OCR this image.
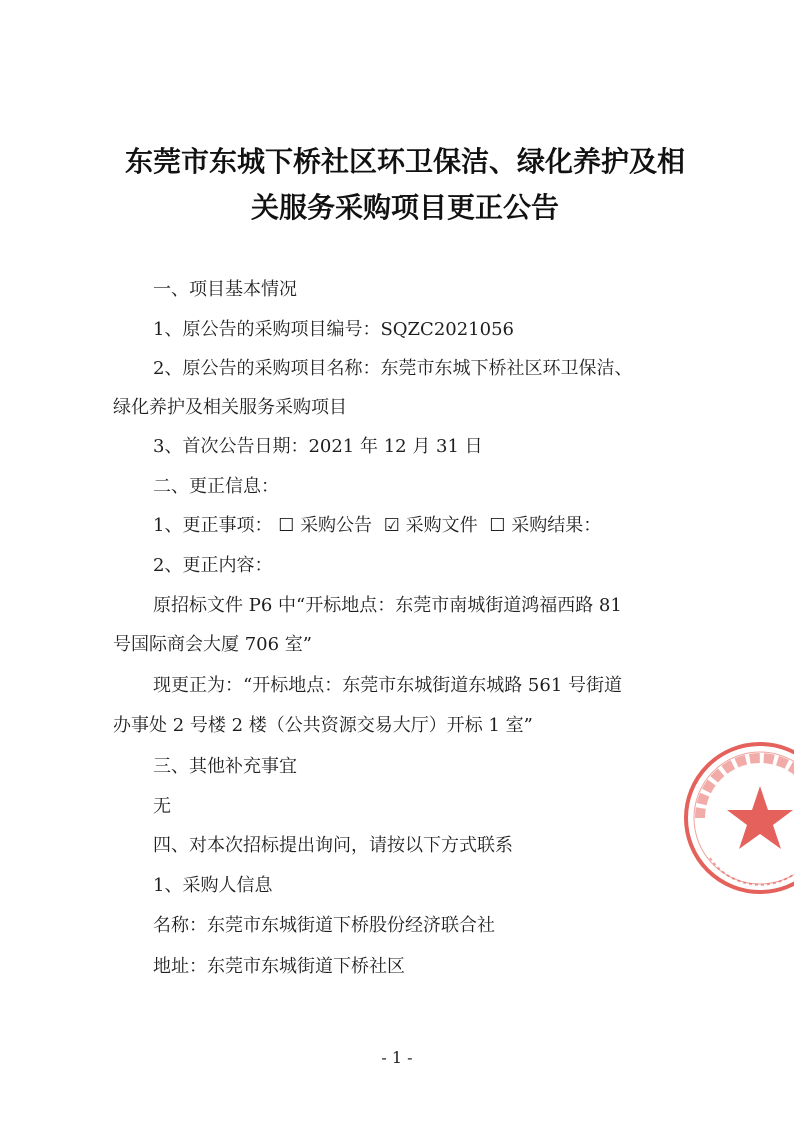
东莞市东城下桥社区环卫保洁、绿化养护及相
关服务采购项目更正公告
一、项目基本情况
1、原公告的采购项目编号：SQZC2021056
2、原公告的采购项目名称：东莞市东城下桥社区环卫保洁、
绿化养护及相关服务采购项目
3、首次公告日期：2021 年 12 月 31 日
二、更正信息：
1、更正事项： ☐ 采购公告 ☑ 采购文件 ☐ 采购结果：
2、更正内容：
原招标文件 P6 中“开标地点：东莞市南城街道鸿福西路 81
号国际商会大厦 706 室”
现更正为：“开标地点：东莞市东城街道东城路 561 号街道
办事处 2 号楼 2 楼（公共资源交易大厅）开标 1 室”
三、其他补充事宜
无
四、对本次招标提出询问，请按以下方式联系
1、采购人信息
名称：东莞市东城街道下桥股份经济联合社
地址：东莞市东城街道下桥社区
- 1 -
